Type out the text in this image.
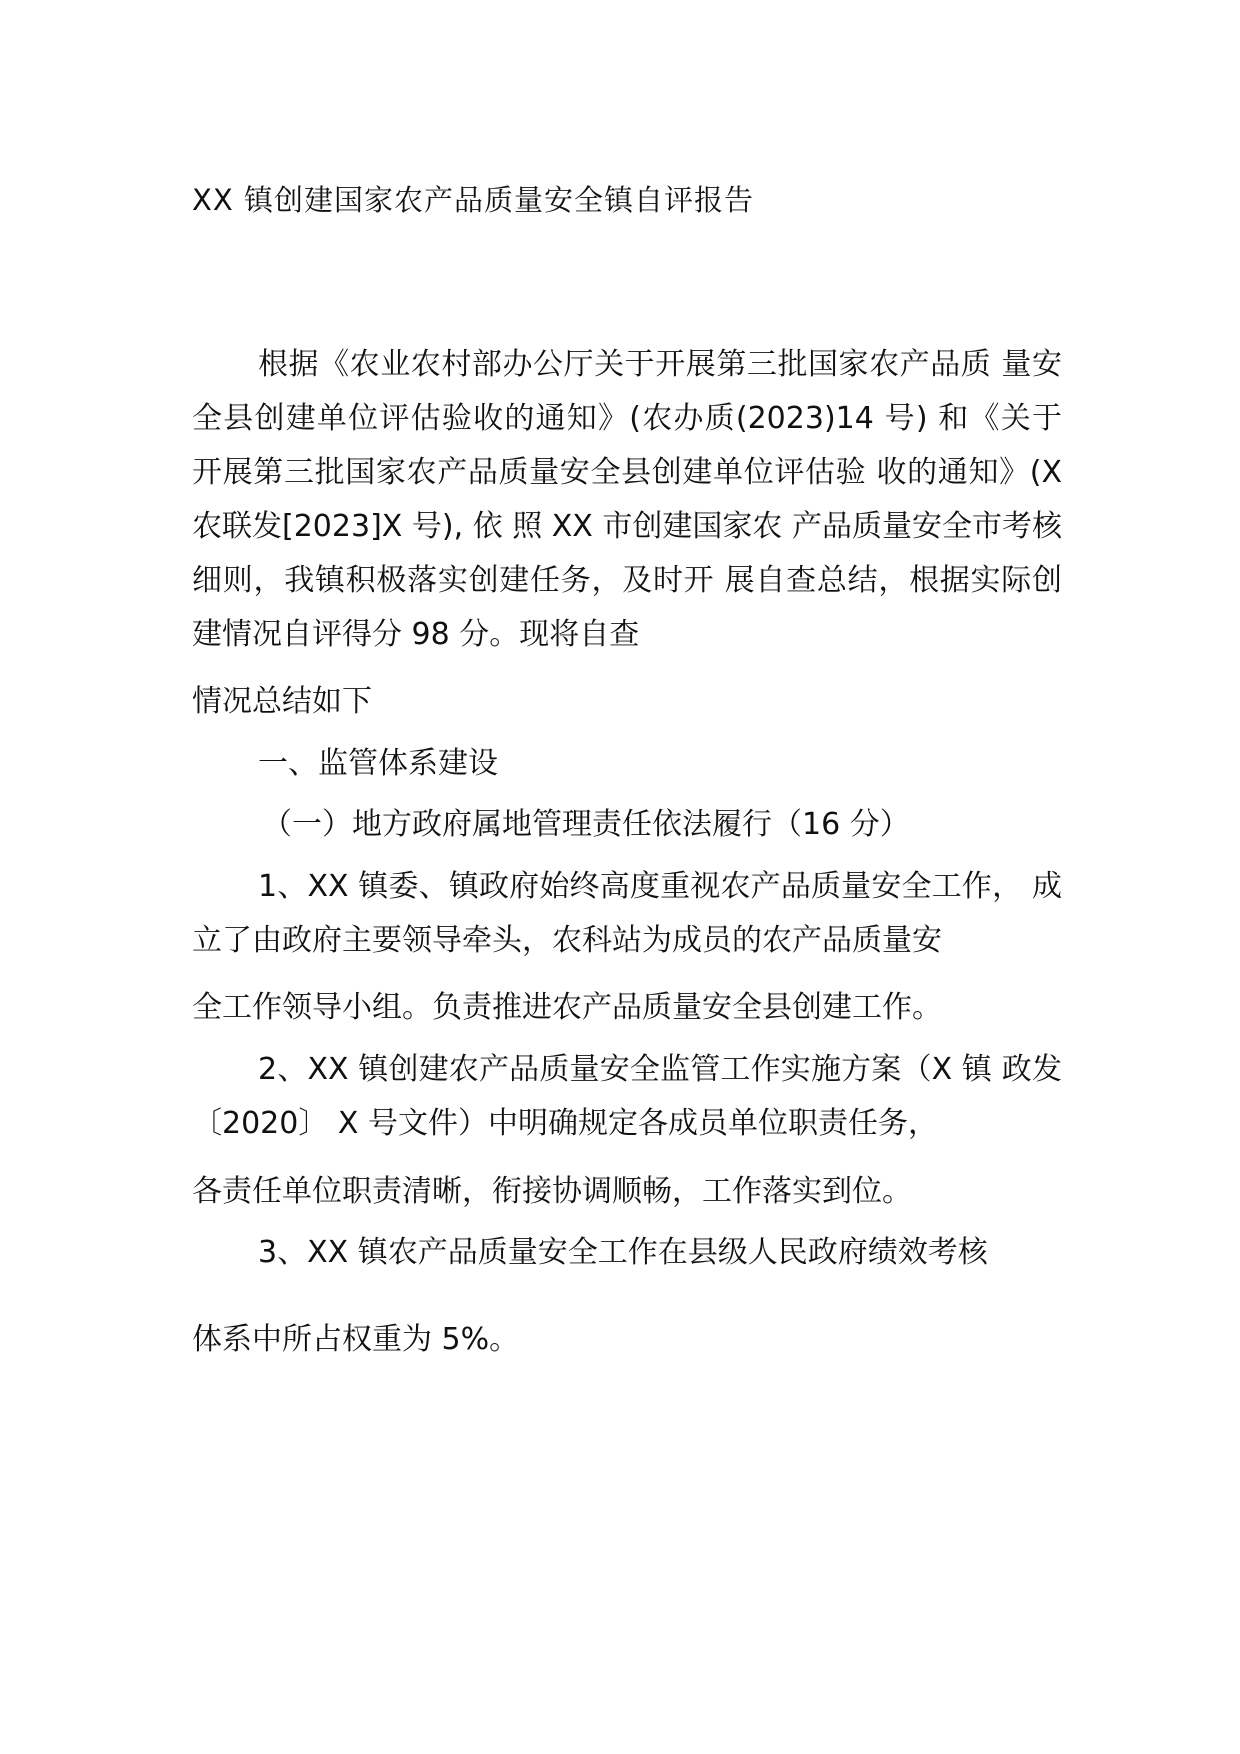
XX 镇创建国家农产品质量安全镇自评报告
根据《农业农村部办公厅关于开展第三批国家农产品质 量安全县创建单位评估验收的通知》(农办质(2023)14 号) 和《关于开展第三批国家农产品质量安全县创建单位评估验 收的通知》(X 农联发[2023]X 号), 依 照 XX 市创建国家农 产品质量安全市考核细则，我镇积极落实创建任务，及时开 展自查总结，根据实际创建情况自评得分 98 分。现将自查
情况总结如下
一、监管体系建设
（一）地方政府属地管理责任依法履行（16 分）
1、XX 镇委、镇政府始终高度重视农产品质量安全工作， 成立了由政府主要领导牵头，农科站为成员的农产品质量安
全工作领导小组。负责推进农产品质量安全县创建工作。
2、XX 镇创建农产品质量安全监管工作实施方案（X 镇 政发〔2020〕 X 号文件）中明确规定各成员单位职责任务，
各责任单位职责清晰，衔接协调顺畅，工作落实到位。
3、XX 镇农产品质量安全工作在县级人民政府绩效考核
体系中所占权重为 5%。
